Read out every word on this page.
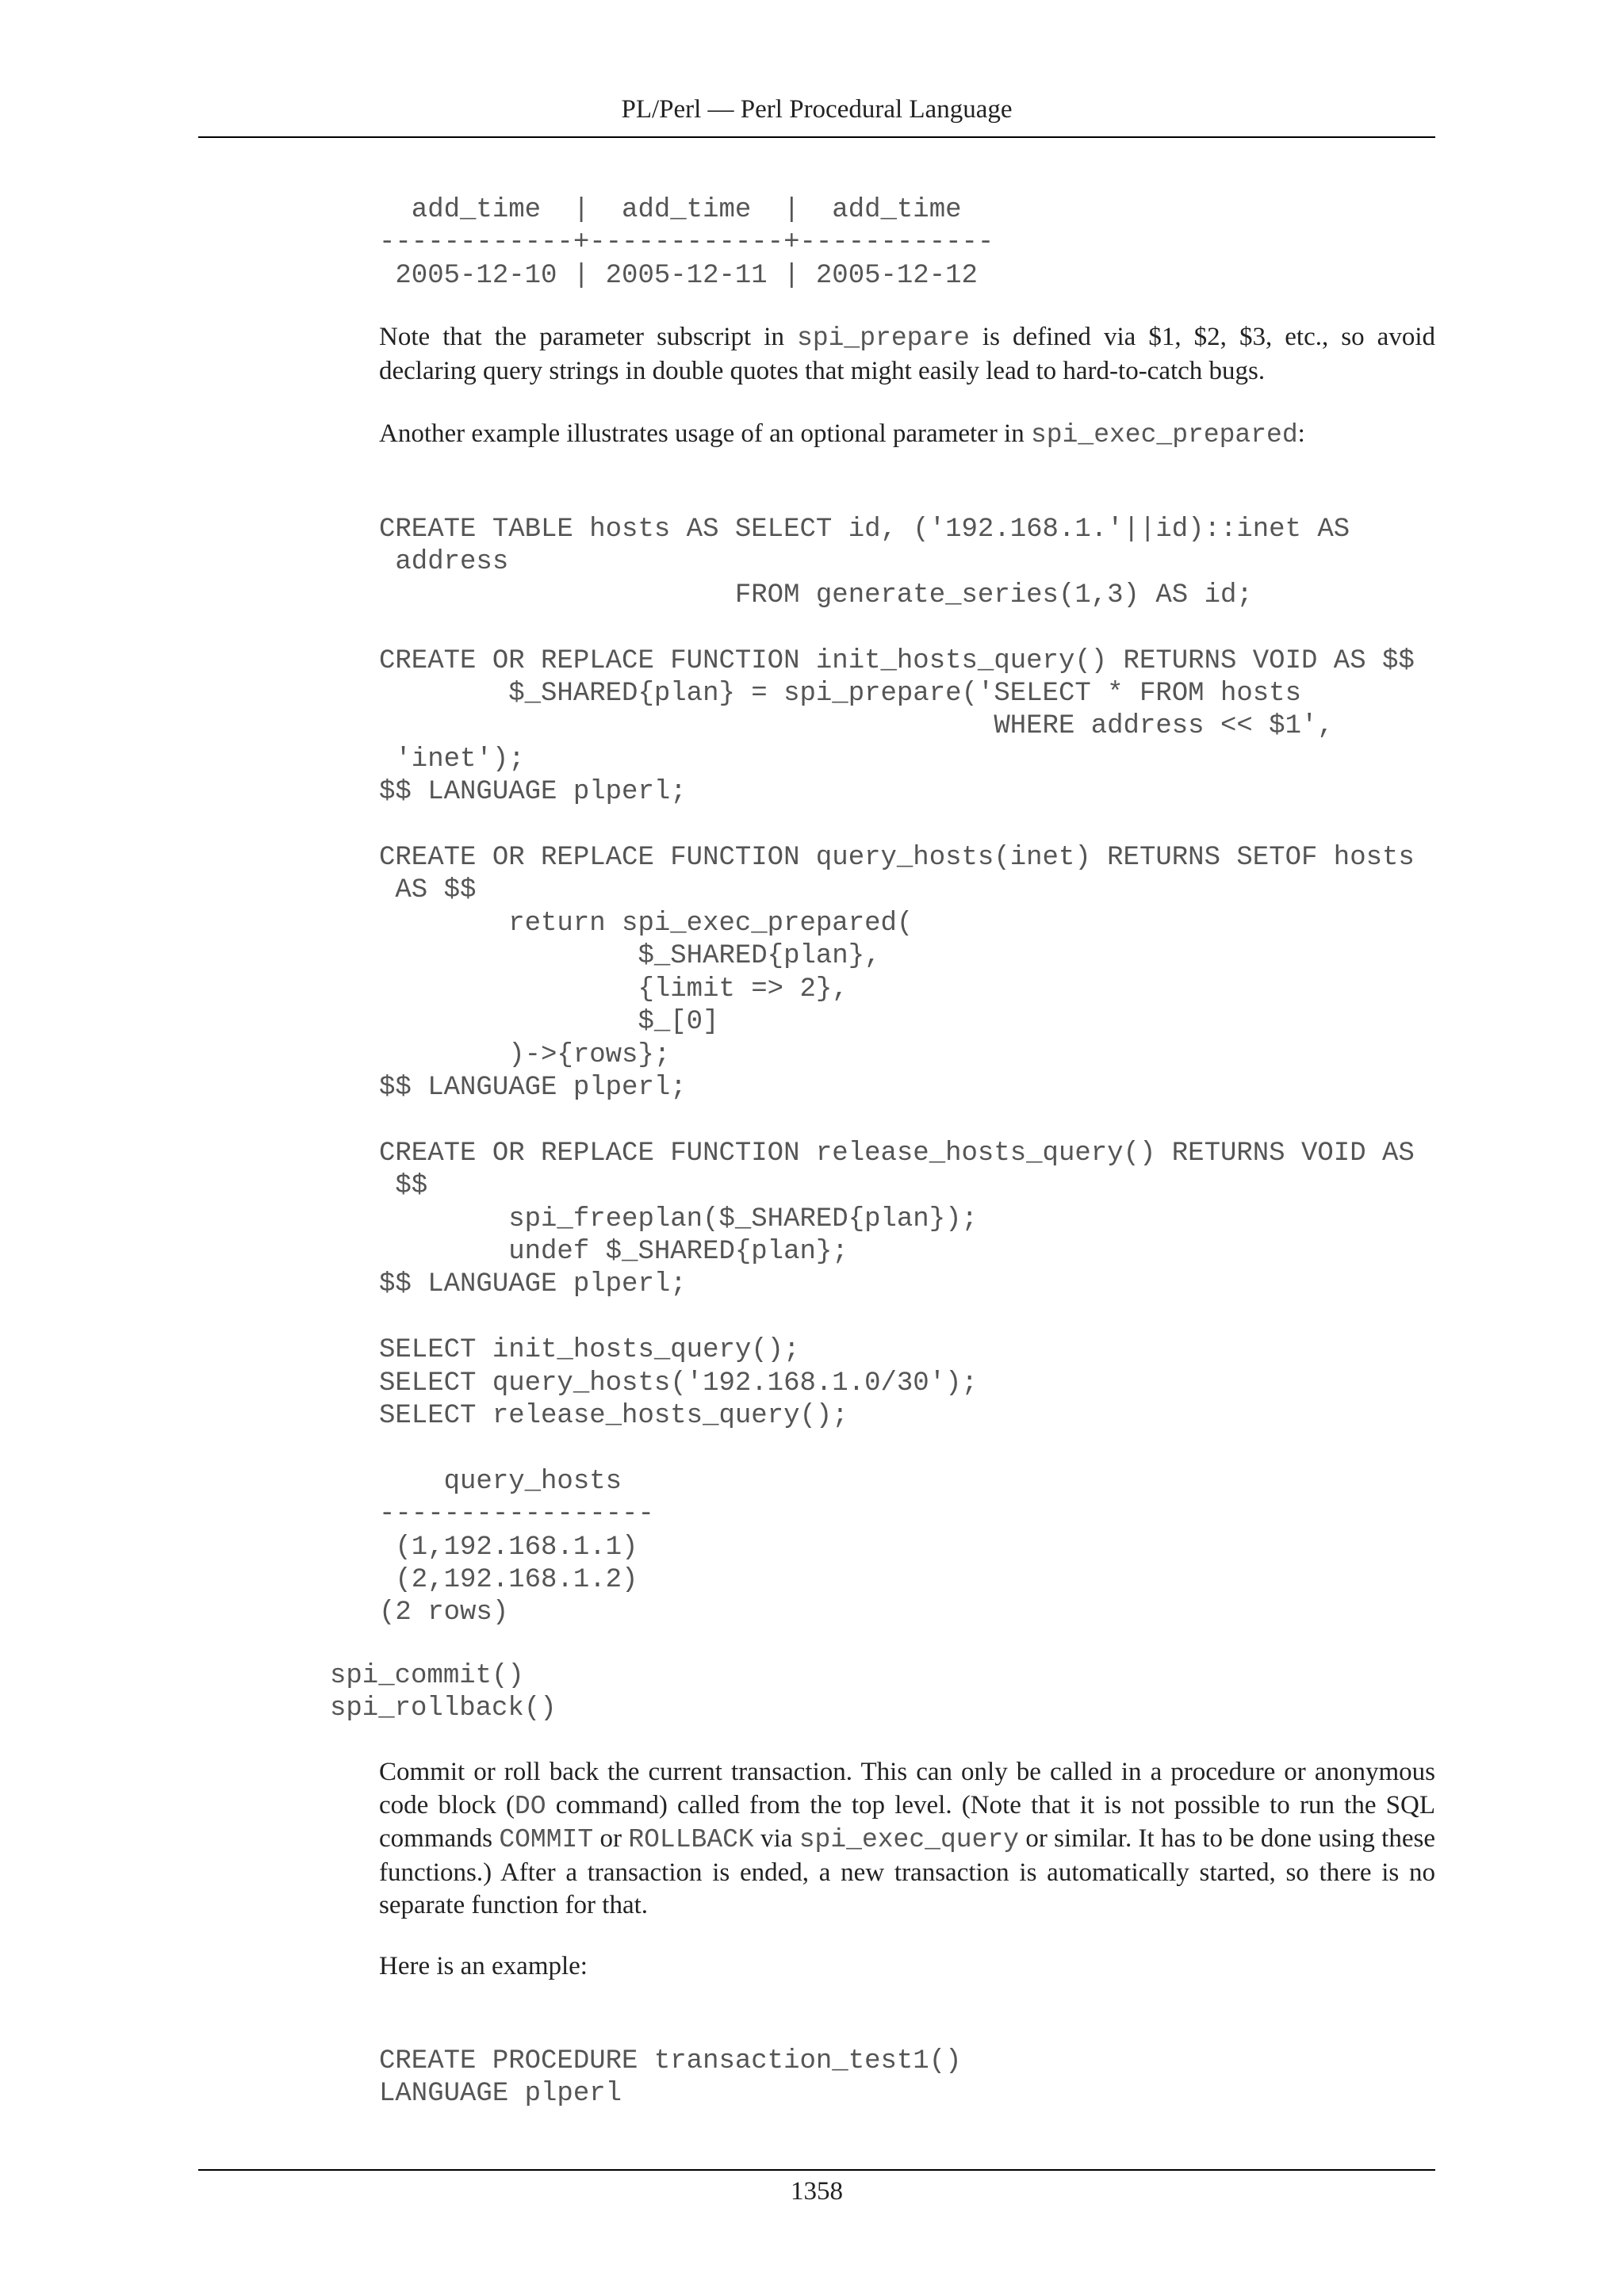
PL/Perl — Perl Procedural Language
add_time  |  add_time  |  add_time
------------+------------+------------
2005-12-10 | 2005-12-11 | 2005-12-12

Note that the parameter subscript in spi_prepare is defined via $1, $2, $3, etc., so avoid declaring query strings in double quotes that might easily lead to hard-to-catch bugs.

Another example illustrates usage of an optional parameter in spi_exec_prepared:

CREATE TABLE hosts AS SELECT id, ('192.168.1.'||id)::inet AS
address
FROM generate_series(1,3) AS id;

CREATE OR REPLACE FUNCTION init_hosts_query() RETURNS VOID AS $$
$_SHARED{plan} = spi_prepare('SELECT * FROM hosts
WHERE address << $1',
'inet');
$$ LANGUAGE plperl;

CREATE OR REPLACE FUNCTION query_hosts(inet) RETURNS SETOF hosts
AS $$
return spi_exec_prepared(
$_SHARED{plan},
{limit => 2},
$_[0]
)->{rows};
$$ LANGUAGE plperl;

CREATE OR REPLACE FUNCTION release_hosts_query() RETURNS VOID AS
$$
spi_freeplan($_SHARED{plan});
undef $_SHARED{plan};
$$ LANGUAGE plperl;

SELECT init_hosts_query();
SELECT query_hosts('192.168.1.0/30');
SELECT release_hosts_query();

query_hosts
-----------------
(1,192.168.1.1)
(2,192.168.1.2)
(2 rows)
spi_commit()
spi_rollback()

Commit or roll back the current transaction. This can only be called in a procedure or anonymous code block (DO command) called from the top level. (Note that it is not possible to run the SQL commands COMMIT or ROLLBACK via spi_exec_query or similar. It has to be done using these functions.) After a transaction is ended, a new transaction is automatically started, so there is no separate function for that.

Here is an example:

CREATE PROCEDURE transaction_test1()
LANGUAGE plperl
1358
